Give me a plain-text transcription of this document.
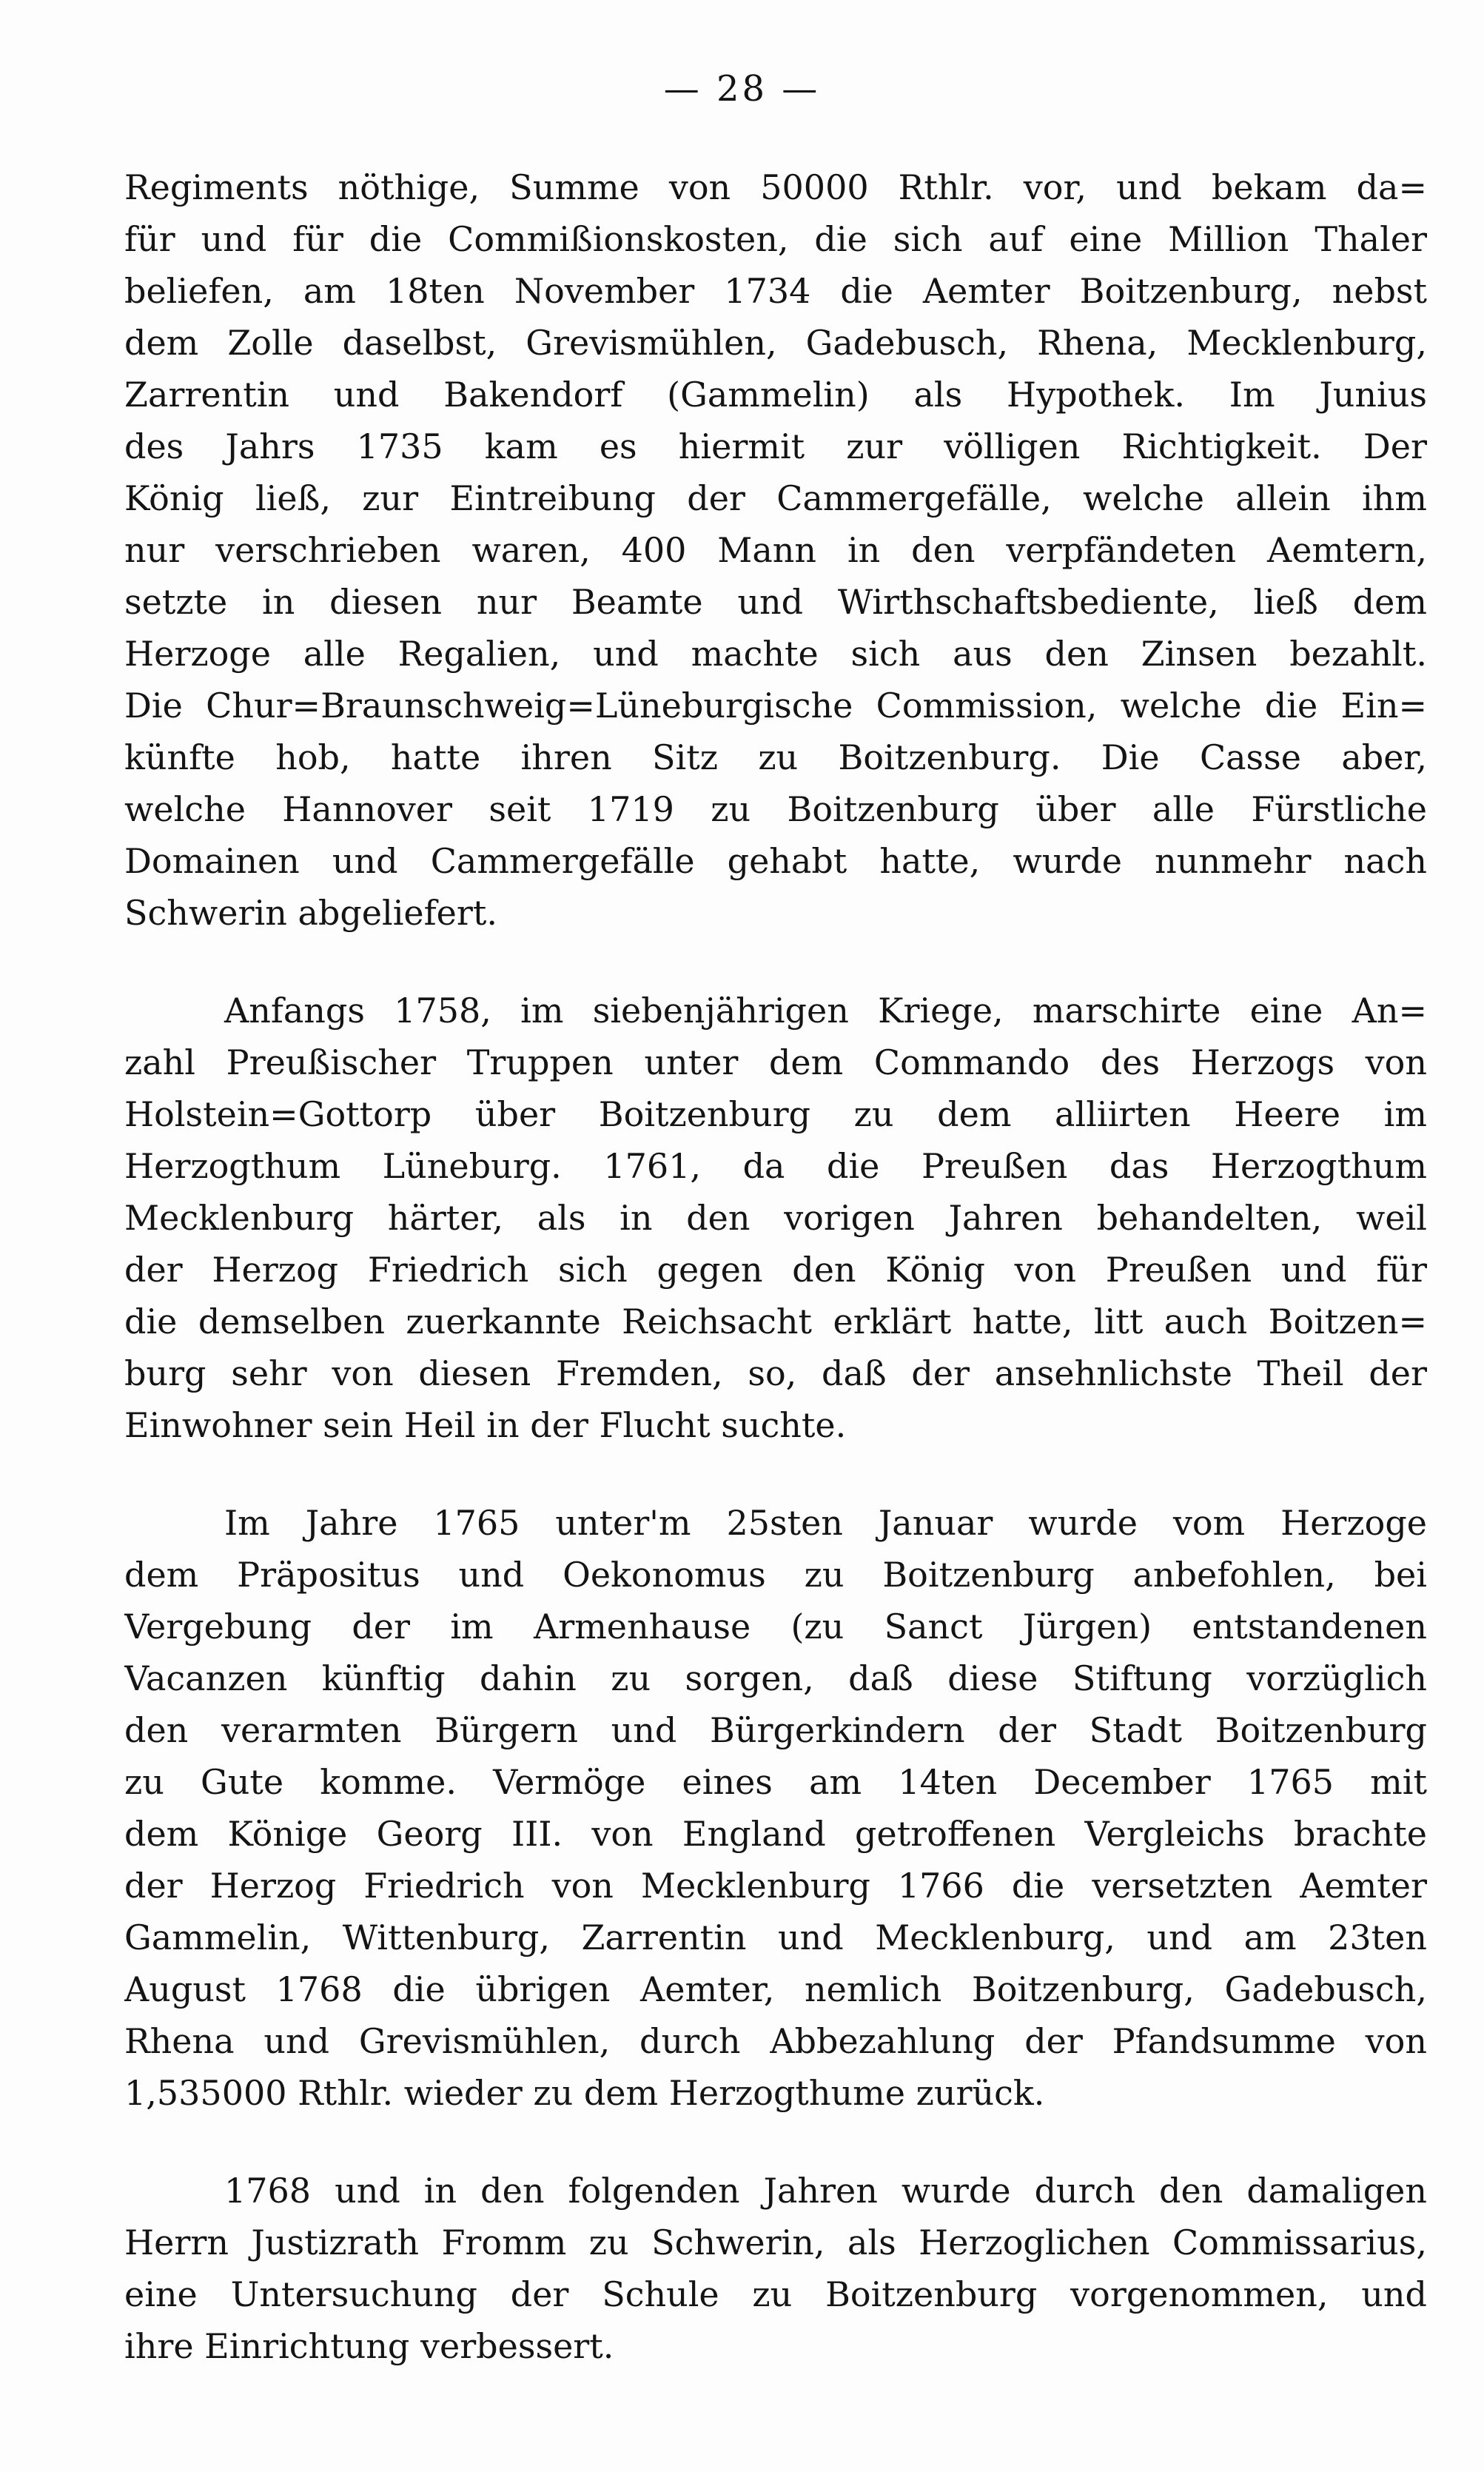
— 28 —
Regiments nöthige, Summe von 50000 Rthlr. vor, und bekam da=
für und für die Commißionskosten, die sich auf eine Million Thaler
beliefen, am 18ten November 1734 die Aemter Boitzenburg, nebst
dem Zolle daselbst, Grevismühlen, Gadebusch, Rhena, Mecklenburg,
Zarrentin und Bakendorf (Gammelin) als Hypothek. Im Junius
des Jahrs 1735 kam es hiermit zur völligen Richtigkeit. Der
König ließ, zur Eintreibung der Cammergefälle, welche allein ihm
nur verschrieben waren, 400 Mann in den verpfändeten Aemtern,
setzte in diesen nur Beamte und Wirthschaftsbediente, ließ dem
Herzoge alle Regalien, und machte sich aus den Zinsen bezahlt.
Die Chur=Braunschweig=Lüneburgische Commission, welche die Ein=
künfte hob, hatte ihren Sitz zu Boitzenburg. Die Casse aber,
welche Hannover seit 1719 zu Boitzenburg über alle Fürstliche
Domainen und Cammergefälle gehabt hatte, wurde nunmehr nach
Schwerin abgeliefert.
Anfangs 1758, im siebenjährigen Kriege, marschirte eine An=
zahl Preußischer Truppen unter dem Commando des Herzogs von
Holstein=Gottorp über Boitzenburg zu dem alliirten Heere im
Herzogthum Lüneburg. 1761, da die Preußen das Herzogthum
Mecklenburg härter, als in den vorigen Jahren behandelten, weil
der Herzog Friedrich sich gegen den König von Preußen und für
die demselben zuerkannte Reichsacht erklärt hatte, litt auch Boitzen=
burg sehr von diesen Fremden, so, daß der ansehnlichste Theil der
Einwohner sein Heil in der Flucht suchte.
Im Jahre 1765 unter'm 25sten Januar wurde vom Herzoge
dem Präpositus und Oekonomus zu Boitzenburg anbefohlen, bei
Vergebung der im Armenhause (zu Sanct Jürgen) entstandenen
Vacanzen künftig dahin zu sorgen, daß diese Stiftung vorzüglich
den verarmten Bürgern und Bürgerkindern der Stadt Boitzenburg
zu Gute komme. Vermöge eines am 14ten December 1765 mit
dem Könige Georg III. von England getroffenen Vergleichs brachte
der Herzog Friedrich von Mecklenburg 1766 die versetzten Aemter
Gammelin, Wittenburg, Zarrentin und Mecklenburg, und am 23ten
August 1768 die übrigen Aemter, nemlich Boitzenburg, Gadebusch,
Rhena und Grevismühlen, durch Abbezahlung der Pfandsumme von
1,535000 Rthlr. wieder zu dem Herzogthume zurück.
1768 und in den folgenden Jahren wurde durch den damaligen
Herrn Justizrath Fromm zu Schwerin, als Herzoglichen Commissarius,
eine Untersuchung der Schule zu Boitzenburg vorgenommen, und
ihre Einrichtung verbessert.
